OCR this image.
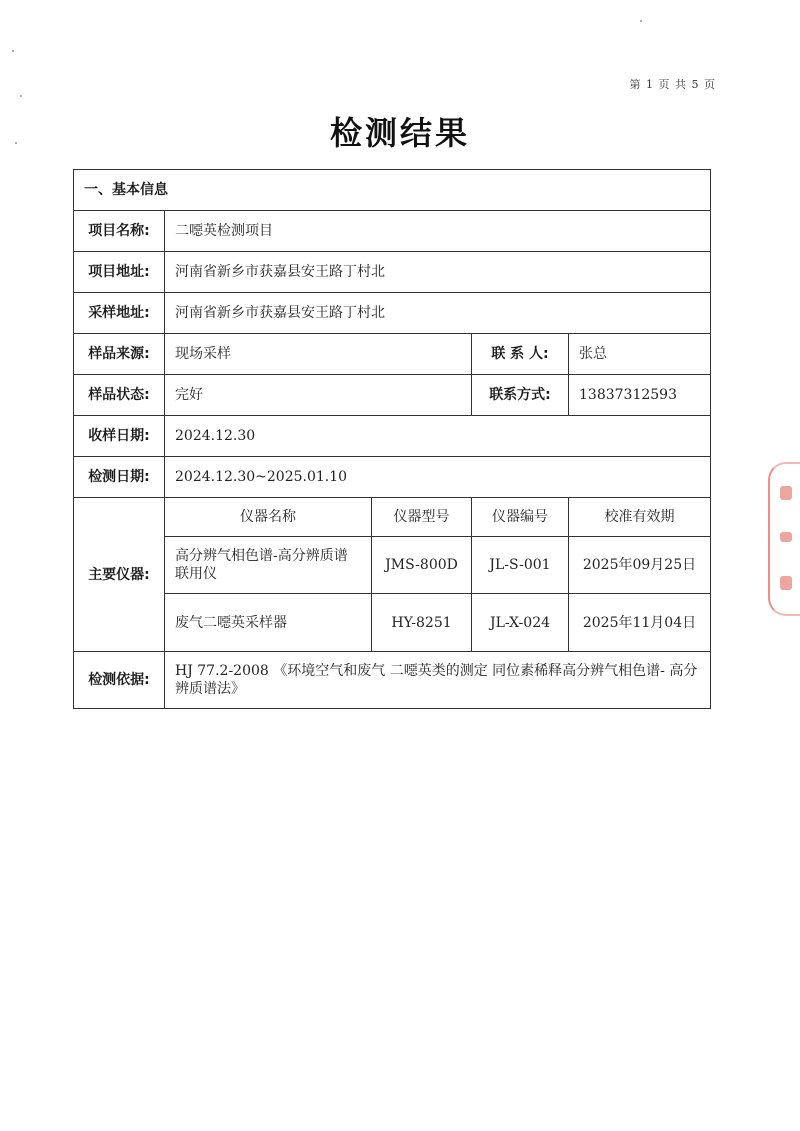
第 1 页 共 5 页
检测结果
一、基本信息				
项目名称:	二噁英检测项目			
项目地址:	河南省新乡市获嘉县安王路丁村北			
采样地址:	河南省新乡市获嘉县安王路丁村北			
样品来源:	现场采样		联 系 人:	张总
样品状态:	完好		联系方式:	13837312593
收样日期:	2024.12.30			
检测日期:	2024.12.30~2025.01.10			
主要仪器:	仪器名称	仪器型号	仪器编号	校准有效期
	高分辨气相色谱-高分辨质谱联用仪	JMS-800D	JL-S-001	2025年09月25日
	废气二噁英采样器	HY-8251	JL-X-024	2025年11月04日
检测依据:	HJ 77.2-2008 《环境空气和废气 二噁英类的测定 同位素稀释高分辨气相色谱- 高分辨质谱法》			
